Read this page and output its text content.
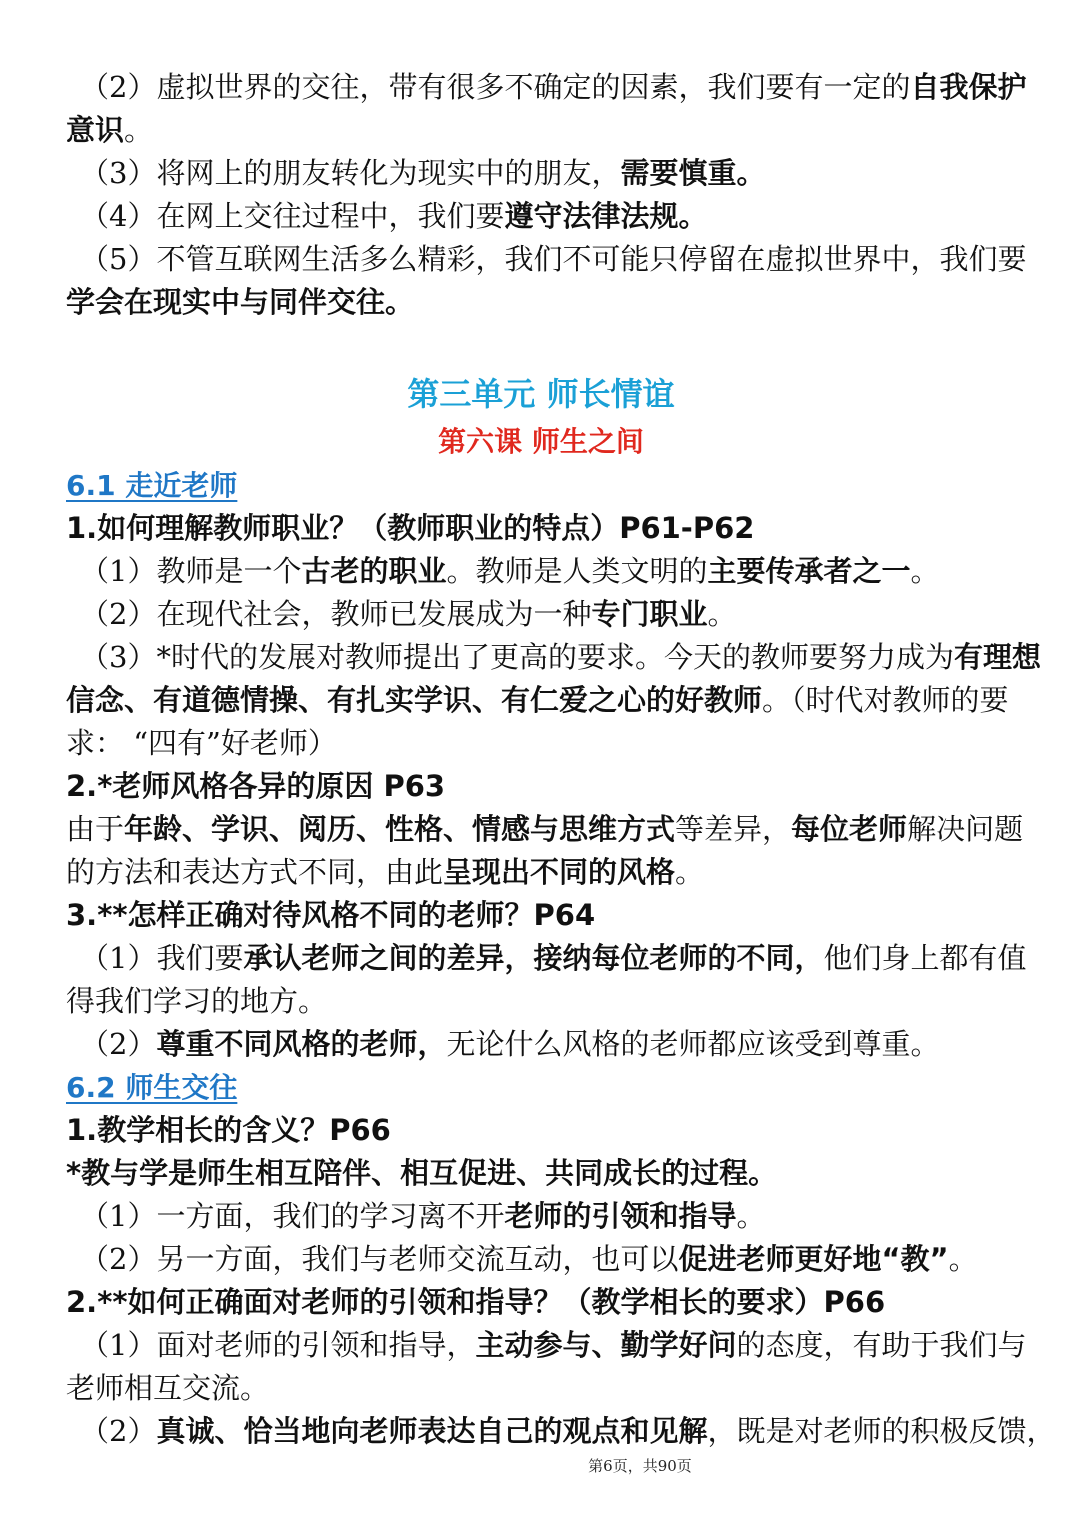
（2）虚拟世界的交往，带有很多不确定的因素，我们要有一定的自我保护
意识。
（3）将网上的朋友转化为现实中的朋友，需要慎重。
（4）在网上交往过程中，我们要遵守法律法规。
（5）不管互联网生活多么精彩，我们不可能只停留在虚拟世界中，我们要
学会在现实中与同伴交往。
第三单元 师长情谊
第六课 师生之间
6.1 走近老师
1.如何理解教师职业？（教师职业的特点）P61-P62
（1）教师是一个古老的职业。教师是人类文明的主要传承者之一。
（2）在现代社会，教师已发展成为一种专门职业。
（3）*时代的发展对教师提出了更高的要求。今天的教师要努力成为有理想
信念、有道德情操、有扎实学识、有仁爱之心的好教师。（时代对教师的要
求： “四有”好老师）
2.*老师风格各异的原因 P63
由于年龄、学识、阅历、性格、情感与思维方式等差异，每位老师解决问题
的方法和表达方式不同，由此呈现出不同的风格。
3.**怎样正确对待风格不同的老师？P64
（1）我们要承认老师之间的差异，接纳每位老师的不同，他们身上都有值
得我们学习的地方。
（2）尊重不同风格的老师，无论什么风格的老师都应该受到尊重。
6.2 师生交往
1.教学相长的含义？P66
*教与学是师生相互陪伴、相互促进、共同成长的过程。
（1）一方面，我们的学习离不开老师的引领和指导。
（2）另一方面，我们与老师交流互动，也可以促进老师更好地“教”。
2.**如何正确面对老师的引领和指导？（教学相长的要求）P66
（1）面对老师的引领和指导，主动参与、勤学好问的态度，有助于我们与
老师相互交流。
（2）真诚、恰当地向老师表达自己的观点和见解，既是对老师的积极反馈，
第6页，共90页
